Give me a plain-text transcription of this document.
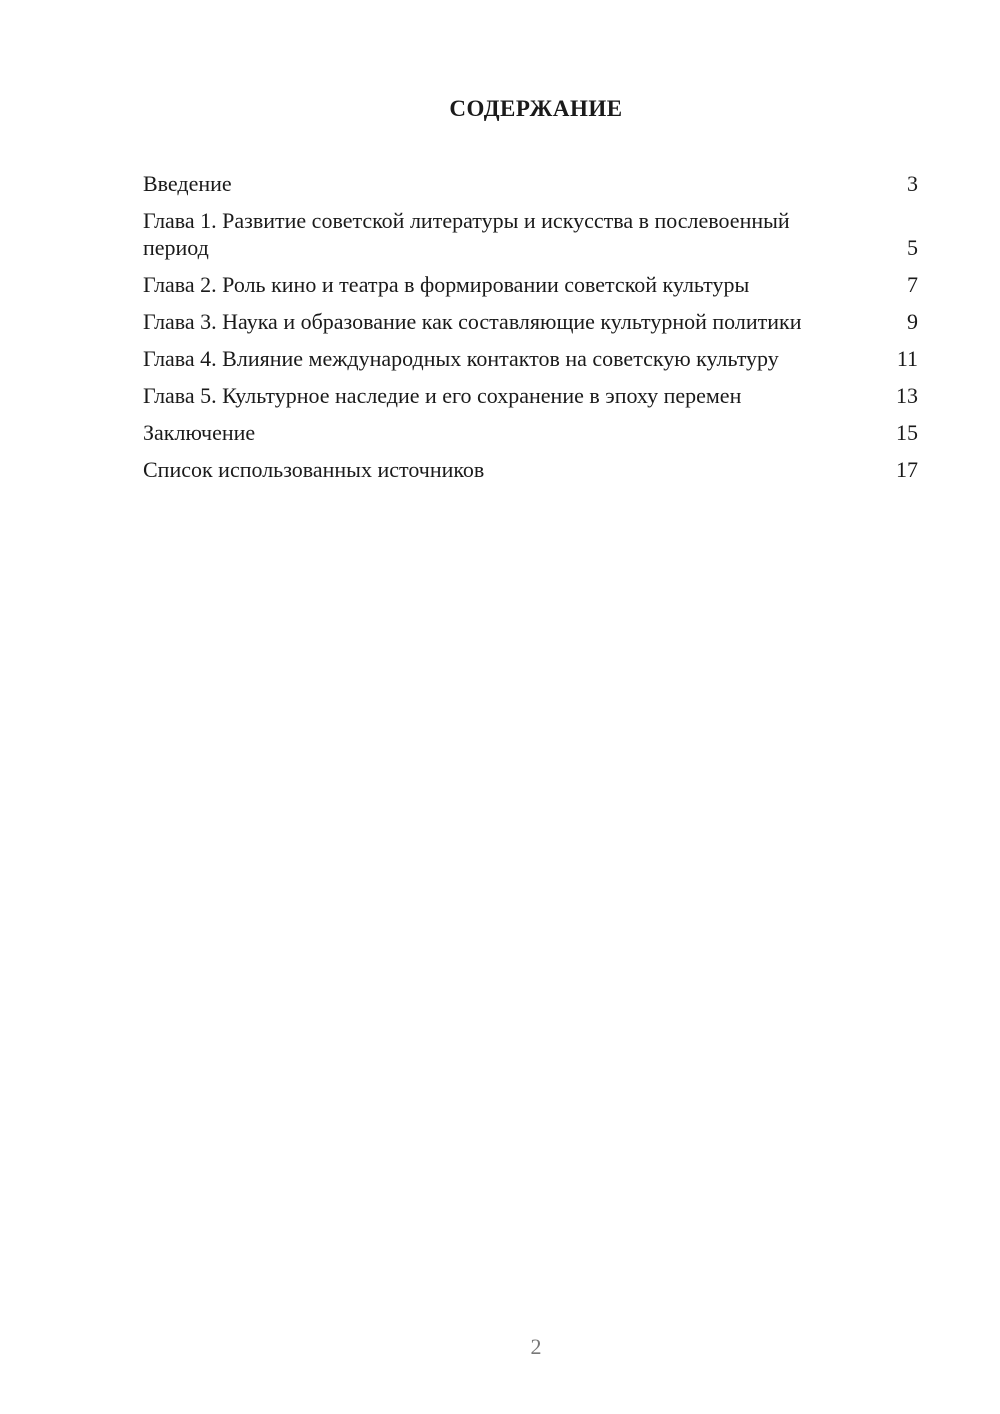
СОДЕРЖАНИЕ
Введение	3
Глава 1. Развитие советской литературы и искусства в послевоенный период	5
Глава 2. Роль кино и театра в формировании советской культуры	7
Глава 3. Наука и образование как составляющие культурной политики	9
Глава 4. Влияние международных контактов на советскую культуру	11
Глава 5. Культурное наследие и его сохранение в эпоху перемен	13
Заключение	15
Список использованных источников	17
2
